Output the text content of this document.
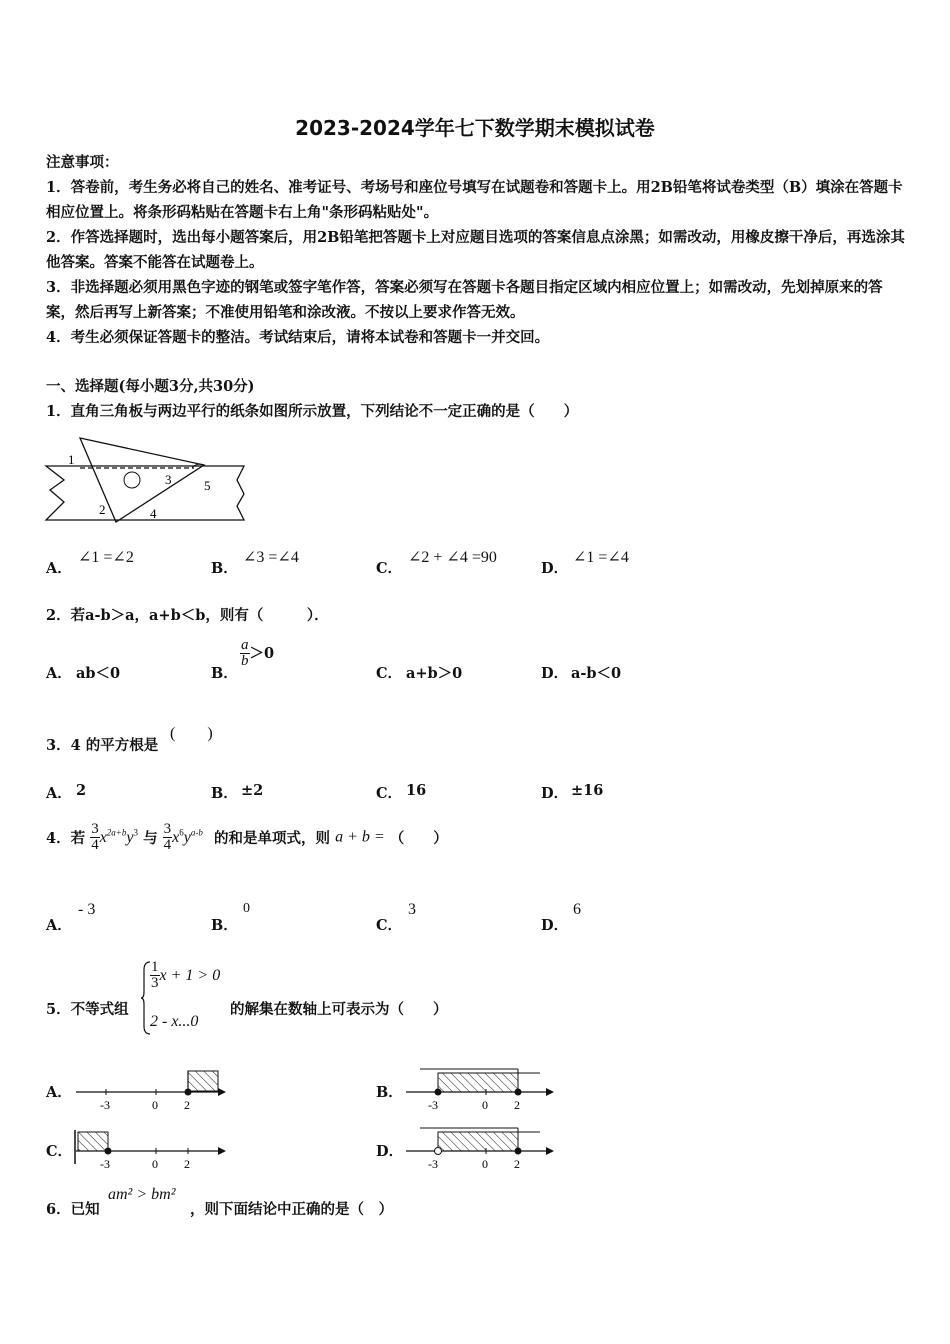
2023-2024学年七下数学期末模拟试卷
注意事项：
1．答卷前，考生务必将自己的姓名、准考证号、考场号和座位号填写在试题卷和答题卡上。用2B铅笔将试卷类型（B）填涂在答题卡相应位置上。将条形码粘贴在答题卡右上角"条形码粘贴处"。
2．作答选择题时，选出每小题答案后，用2B铅笔把答题卡上对应题目选项的答案信息点涂黑；如需改动，用橡皮擦干净后，再选涂其他答案。答案不能答在试题卷上。
3．非选择题必须用黑色字迹的钢笔或签字笔作答，答案必须写在答题卡各题目指定区域内相应位置上；如需改动，先划掉原来的答案，然后再写上新答案；不准使用铅笔和涂改液。不按以上要求作答无效。
4．考生必须保证答题卡的整洁。考试结束后，请将本试卷和答题卡一并交回。
一、选择题(每小题3分,共30分)
1．直角三角板与两边平行的纸条如图所示放置，下列结论不一定正确的是（　　）
1
2
3
4
5
A．
∠1 =∠2
B．
∠3 =∠4
C．
∠2 + ∠4 =90
D．
∠1 =∠4
2．若a-b＞a，a+b＜b，则有（　　　）．
A． ab＜0	B．
$\frac{a}{b} >0$
C． a+b＞0	D． a-b＜0
3．4 的平方根是
(　　)
A． 2	B． ±2	C． 16	D． ±16
4．若 $\frac{3}{4} x^{2a+b}y^3$ 与 $\frac{3}{4} x^6y^{a-b}$ 的和是单项式，则 a + b = （　　）
A．
- 3
B．
0
C．
3
D．
6
5．不等式组
$\frac{1}{3}$ x + 1 > 0
2 - x...0
的解集在数轴上可表示为（　　）
A．
-3	0 2
B．
-3	0 2
C．
-3	0 2
D．
-3	0 2
6．已知
am² > bm²
，则下面结论中正确的是（　）
